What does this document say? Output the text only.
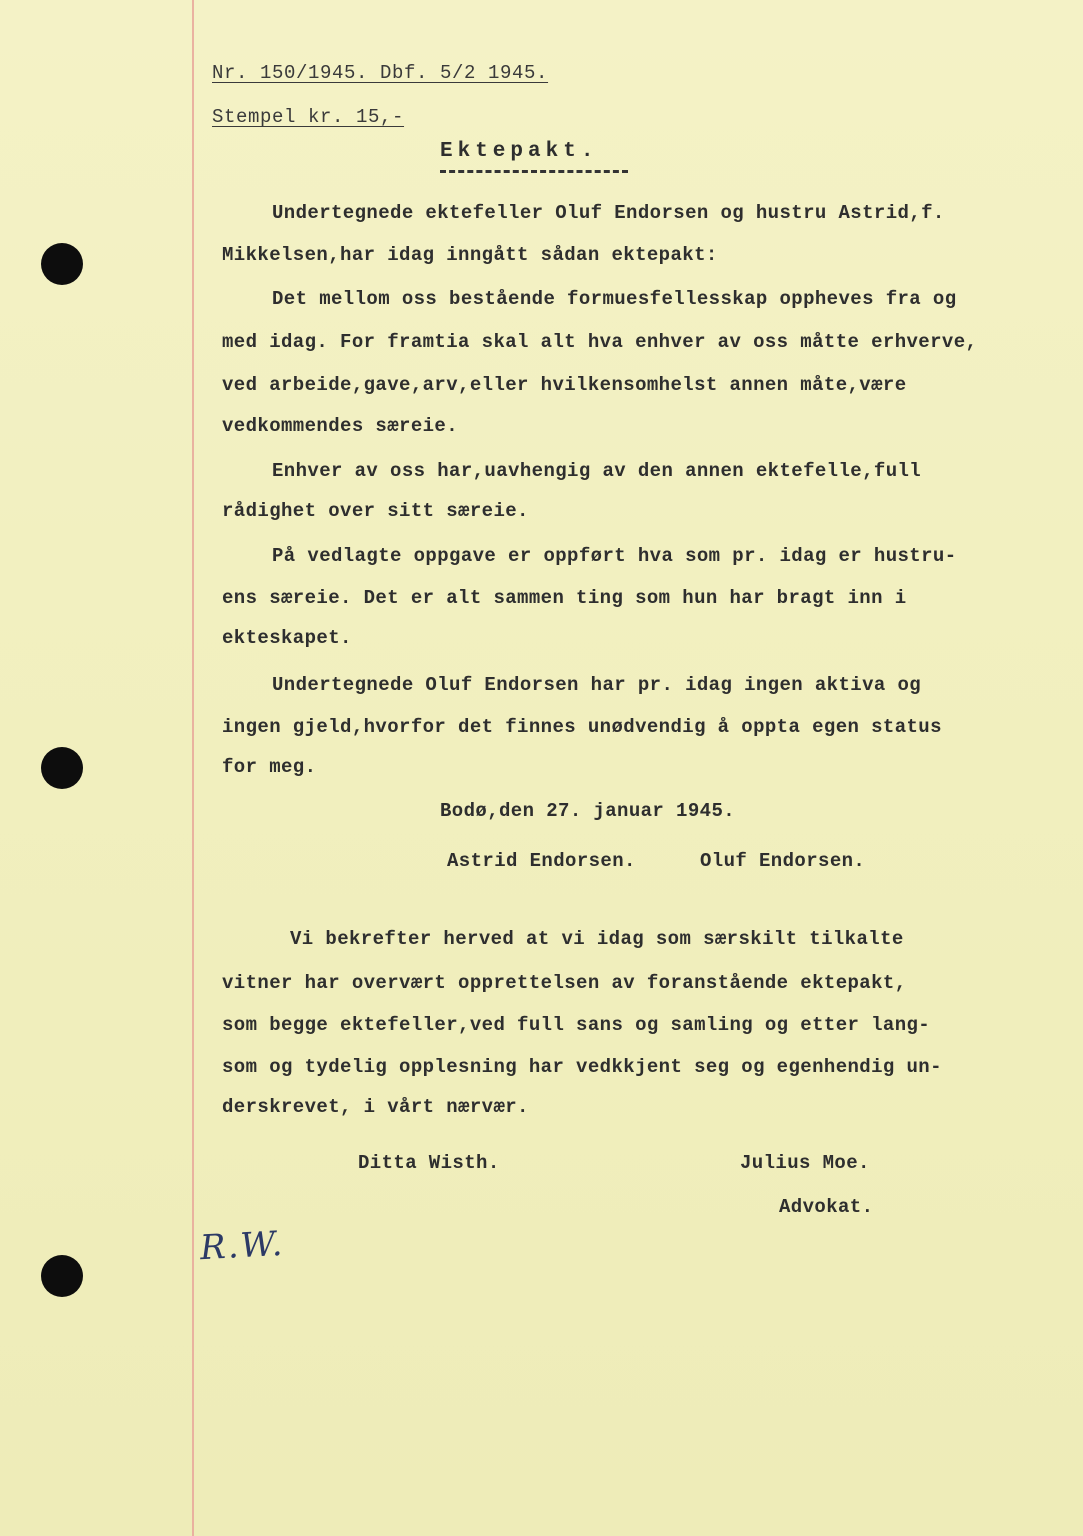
Nr. 150/1945. Dbf. 5/2 1945.
Stempel kr. 15,-
Ektepakt.
Undertegnede ektefeller Oluf Endorsen og hustru Astrid,f.
Mikkelsen,har idag inngått sådan ektepakt:
Det mellom oss bestående formuesfellesskap oppheves fra og
med idag. For framtia skal alt hva enhver av oss måtte erhverve,
ved arbeide,gave,arv,eller hvilkensomhelst annen måte,være
vedkommendes særeie.
Enhver av oss har,uavhengig av den annen ektefelle,full
rådighet over sitt særeie.
På vedlagte oppgave er oppført hva som pr. idag er hustru-
ens særeie. Det er alt sammen ting som hun har bragt inn i
ekteskapet.
Undertegnede Oluf Endorsen har pr. idag ingen aktiva og
ingen gjeld,hvorfor det finnes unødvendig å oppta egen status
for meg.
Bodø,den 27. januar 1945.
Astrid Endorsen.	Oluf Endorsen.
Vi bekrefter herved at vi idag som særskilt tilkalte
vitner har overvært opprettelsen av foranstående ektepakt,
som begge ektefeller,ved full sans og samling og etter lang-
som og tydelig opplesning har vedkkjent seg og egenhendig un-
derskrevet, i vårt nærvær.
Ditta Wisth.	Julius Moe.
Advokat.
R.W.
